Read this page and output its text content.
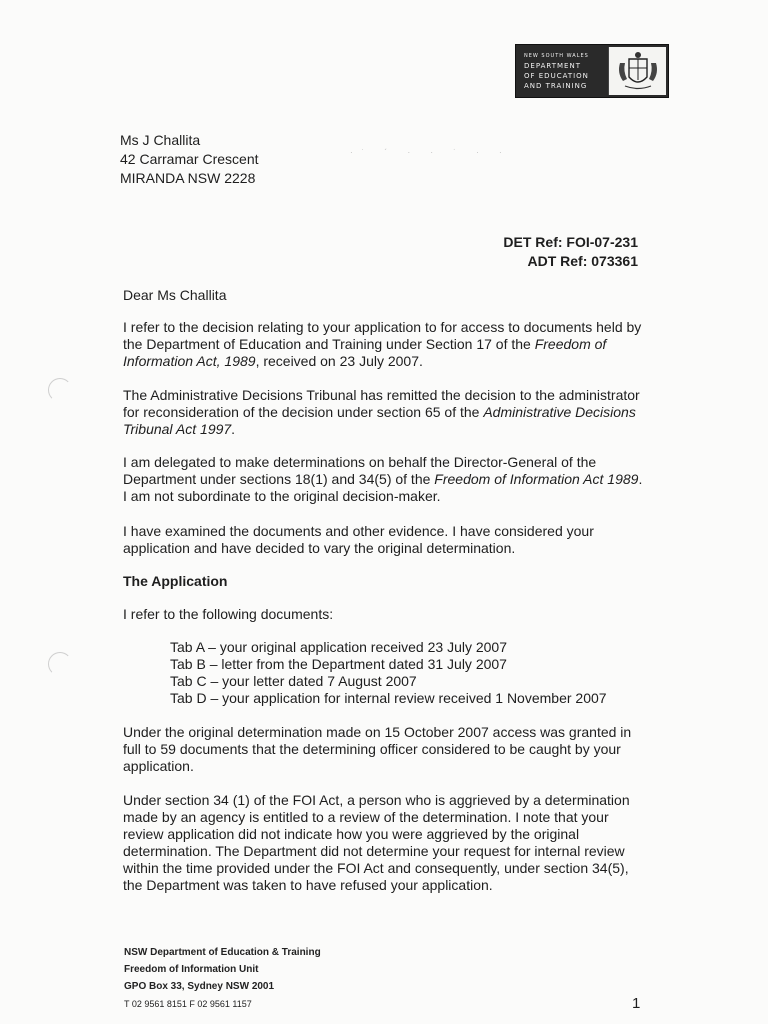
NEW SOUTH WALES
DEPARTMENT
OF EDUCATION
AND TRAINING
·˙ ´ · · ˙ · ·
Ms J Challita
42 Carramar Crescent
MIRANDA NSW 2228
DET Ref: FOI-07-231
ADT Ref: 073361

Dear Ms Challita

I refer to the decision relating to your application to for access to documents held by the Department of Education and Training under Section 17 of the Freedom of Information Act, 1989, received on 23 July 2007.

The Administrative Decisions Tribunal has remitted the decision to the administrator for reconsideration of the decision under section 65 of the Administrative Decisions Tribunal Act 1997.

I am delegated to make determinations on behalf the Director-General of the Department under sections 18(1) and 34(5) of the Freedom of Information Act 1989. I am not subordinate to the original decision-maker.

I have examined the documents and other evidence. I have considered your application and have decided to vary the original determination.

The Application

I refer to the following documents:

Tab A – your original application received 23 July 2007
Tab B – letter from the Department dated 31 July 2007
Tab C – your letter dated 7 August 2007
Tab D – your application for internal review received 1 November 2007

Under the original determination made on 15 October 2007 access was granted in full to 59 documents that the determining officer considered to be caught by your application.

Under section 34 (1) of the FOI Act, a person who is aggrieved by a determination made by an agency is entitled to a review of the determination. I note that your review application did not indicate how you were aggrieved by the original determination. The Department did not determine your request for internal review within the time provided under the FOI Act and consequently, under section 34(5), the Department was taken to have refused your application.

NSW Department of Education & Training
Freedom of Information Unit
GPO Box 33, Sydney NSW 2001
T 02 9561 8151 F 02 9561 1157	1
